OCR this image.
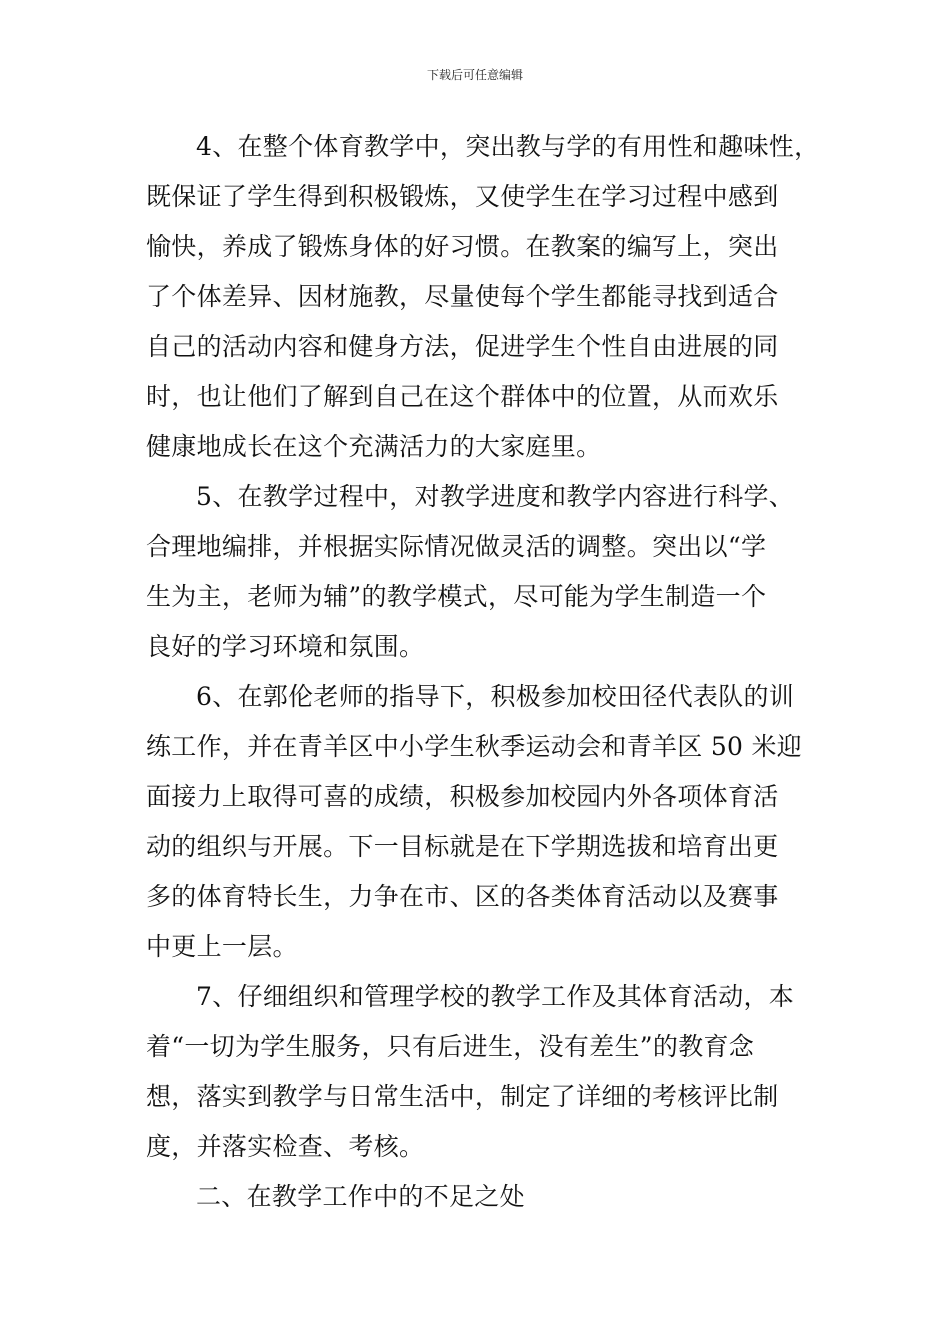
下载后可任意编辑
4、在整个体育教学中，突出教与学的有用性和趣味性，
既保证了学生得到积极锻炼，又使学生在学习过程中感到
愉快，养成了锻炼身体的好习惯。在教案的编写上，突出
了个体差异、因材施教，尽量使每个学生都能寻找到适合
自己的活动内容和健身方法，促进学生个性自由进展的同
时，也让他们了解到自己在这个群体中的位置，从而欢乐
健康地成长在这个充满活力的大家庭里。
5、在教学过程中，对教学进度和教学内容进行科学、
合理地编排，并根据实际情况做灵活的调整。突出以“学
生为主，老师为辅”的教学模式，尽可能为学生制造一个
良好的学习环境和氛围。
6、在郭伦老师的指导下，积极参加校田径代表队的训
练工作，并在青羊区中小学生秋季运动会和青羊区 50 米迎
面接力上取得可喜的成绩，积极参加校园内外各项体育活
动的组织与开展。下一目标就是在下学期选拔和培育出更
多的体育特长生，力争在市、区的各类体育活动以及赛事
中更上一层。
7、仔细组织和管理学校的教学工作及其体育活动，本
着“一切为学生服务，只有后进生，没有差生”的教育念
想，落实到教学与日常生活中，制定了详细的考核评比制
度，并落实检查、考核。
二、在教学工作中的不足之处
